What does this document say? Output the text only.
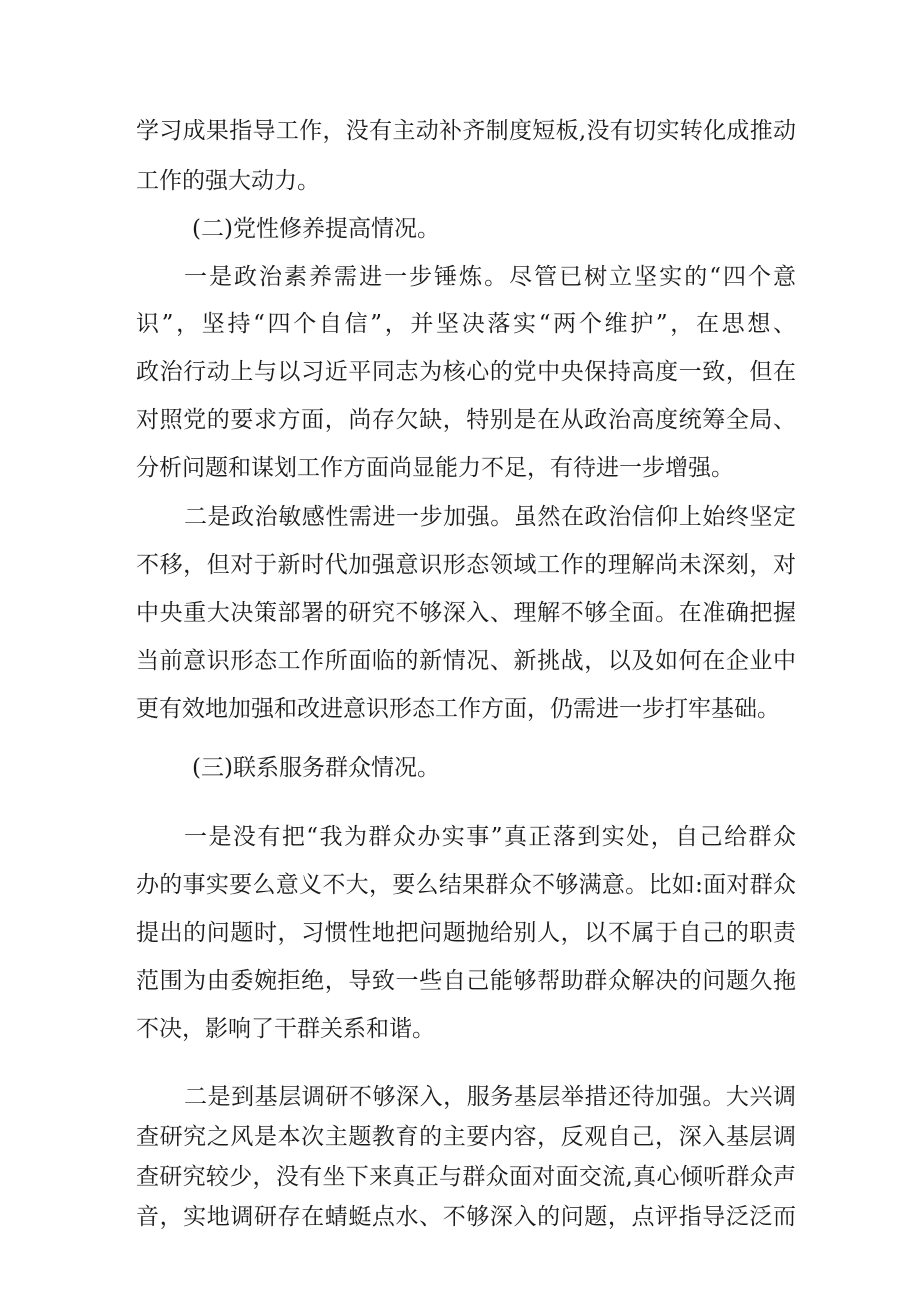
学习成果指导工作，没有主动补齐制度短板,没有切实转化成推动
工作的强大动力。
(二)党性修养提高情况。
一是政治素养需进一步锤炼。尽管已树立坚实的“四个意
识”，坚持“四个自信”，并坚决落实“两个维护”，在思想、
政治行动上与以习近平同志为核心的党中央保持高度一致，但在
对照党的要求方面，尚存欠缺，特别是在从政治高度统筹全局、
分析问题和谋划工作方面尚显能力不足，有待进一步增强。
二是政治敏感性需进一步加强。虽然在政治信仰上始终坚定
不移，但对于新时代加强意识形态领域工作的理解尚未深刻，对
中央重大决策部署的研究不够深入、理解不够全面。在准确把握
当前意识形态工作所面临的新情况、新挑战，以及如何在企业中
更有效地加强和改进意识形态工作方面，仍需进一步打牢基础。
(三)联系服务群众情况。
一是没有把“我为群众办实事”真正落到实处，自己给群众
办的事实要么意义不大，要么结果群众不够满意。比如:面对群众
提出的问题时，习惯性地把问题抛给别人，以不属于自己的职责
范围为由委婉拒绝，导致一些自己能够帮助群众解决的问题久拖
不决，影响了干群关系和谐。
二是到基层调研不够深入，服务基层举措还待加强。大兴调
查研究之风是本次主题教育的主要内容，反观自己，深入基层调
查研究较少，没有坐下来真正与群众面对面交流,真心倾听群众声
音，实地调研存在蜻蜓点水、不够深入的问题，点评指导泛泛而
